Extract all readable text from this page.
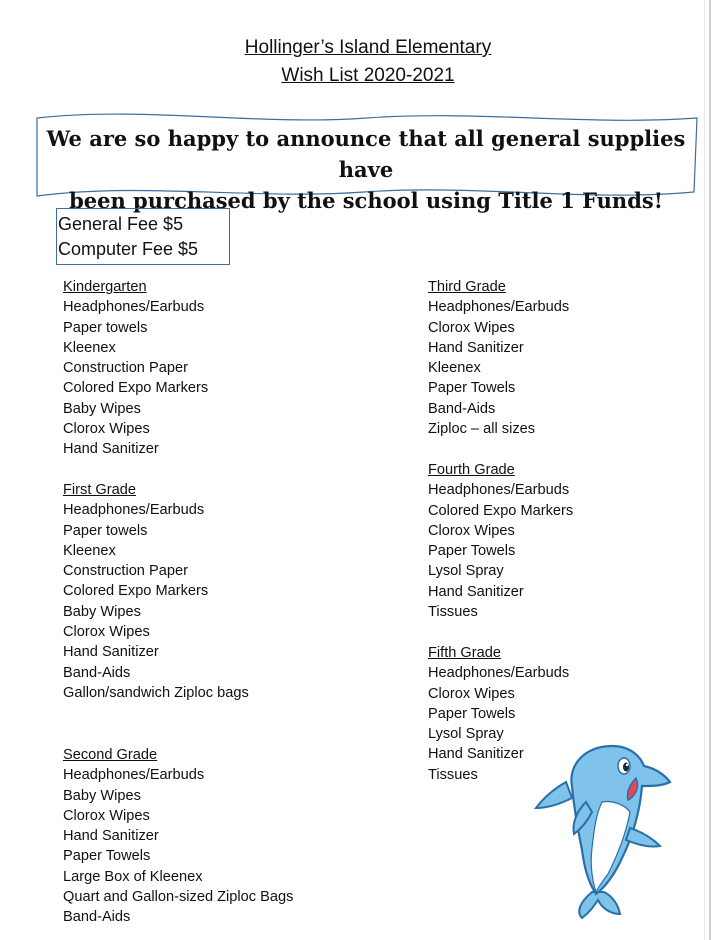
Hollinger’s Island Elementary
Wish List 2020-2021
We are so happy to announce that all general supplies have
been purchased by the school using Title 1 Funds!
General Fee $5
Computer Fee $5
Kindergarten
Headphones/Earbuds
Paper towels
Kleenex
Construction Paper
Colored Expo Markers
Baby Wipes
Clorox Wipes
Hand Sanitizer
First Grade
Headphones/Earbuds
Paper towels
Kleenex
Construction Paper
Colored Expo Markers
Baby Wipes
Clorox Wipes
Hand Sanitizer
Band-Aids
Gallon/sandwich Ziploc bags
Second Grade
Headphones/Earbuds
Baby Wipes
Clorox Wipes
Hand Sanitizer
Paper Towels
Large Box of Kleenex
Quart and Gallon-sized Ziploc Bags
Band-Aids
Third Grade
Headphones/Earbuds
Clorox Wipes
Hand Sanitizer
Kleenex
Paper Towels
Band-Aids
Ziploc – all sizes
Fourth Grade
Headphones/Earbuds
Colored Expo Markers
Clorox Wipes
Paper Towels
Lysol Spray
Hand Sanitizer
Tissues
Fifth Grade
Headphones/Earbuds
Clorox Wipes
Paper Towels
Lysol Spray
Hand Sanitizer
Tissues
